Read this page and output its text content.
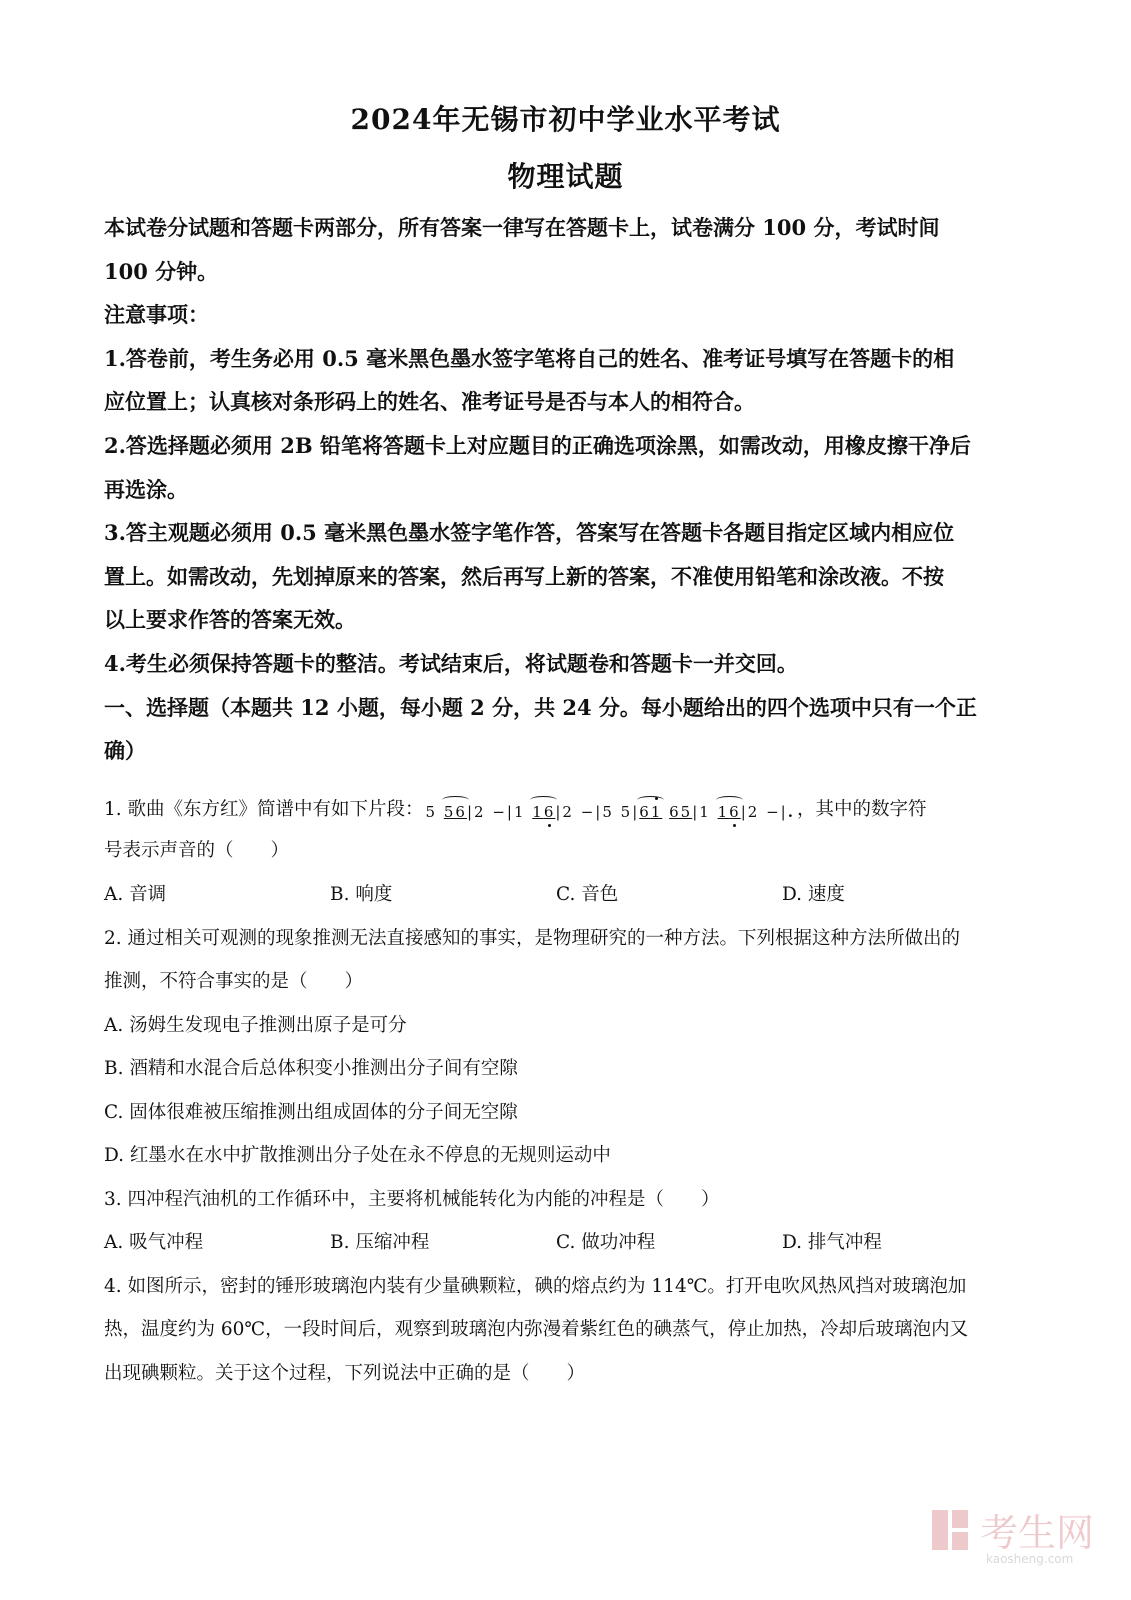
2024年无锡市初中学业水平考试
物理试题
本试卷分试题和答题卡两部分，所有答案一律写在答题卡上，试卷满分 100 分，考试时间
100 分钟。
注意事项：
1.答卷前，考生务必用 0.5 毫米黑色墨水签字笔将自己的姓名、准考证号填写在答题卡的相
应位置上；认真核对条形码上的姓名、准考证号是否与本人的相符合。
2.答选择题必须用 2B 铅笔将答题卡上对应题目的正确选项涂黑，如需改动，用橡皮擦干净后
再选涂。
3.答主观题必须用 0.5 毫米黑色墨水签字笔作答，答案写在答题卡各题目指定区域内相应位
置上。如需改动，先划掉原来的答案，然后再写上新的答案，不准使用铅笔和涂改液。不按
以上要求作答的答案无效。
4.考生必须保持答题卡的整洁。考试结束后，将试题卷和答题卡一并交回。
一、选择题（本题共 12 小题，每小题 2 分，共 24 分。每小题给出的四个选项中只有一个正
确）
1. 歌曲《东方红》简谱中有如下片段： 5 56|2 −|1 16|2 −|5 5|61 65|1 16|2 −|. ，其中的数字符
号表示声音的（　　）
A. 音调	B. 响度	C. 音色	D. 速度
2. 通过相关可观测的现象推测无法直接感知的事实，是物理研究的一种方法。下列根据这种方法所做出的
推测，不符合事实的是（　　）
A. 汤姆生发现电子推测出原子是可分
B. 酒精和水混合后总体积变小推测出分子间有空隙
C. 固体很难被压缩推测出组成固体的分子间无空隙
D. 红墨水在水中扩散推测出分子处在永不停息的无规则运动中
3. 四冲程汽油机的工作循环中，主要将机械能转化为内能的冲程是（　　）
A. 吸气冲程	B. 压缩冲程	C. 做功冲程	D. 排气冲程
4. 如图所示，密封的锤形玻璃泡内装有少量碘颗粒，碘的熔点约为 114℃。打开电吹风热风挡对玻璃泡加
热，温度约为 60℃，一段时间后，观察到玻璃泡内弥漫着紫红色的碘蒸气，停止加热，冷却后玻璃泡内又
出现碘颗粒。关于这个过程，下列说法中正确的是（　　）
考生网
kaosheng.com
